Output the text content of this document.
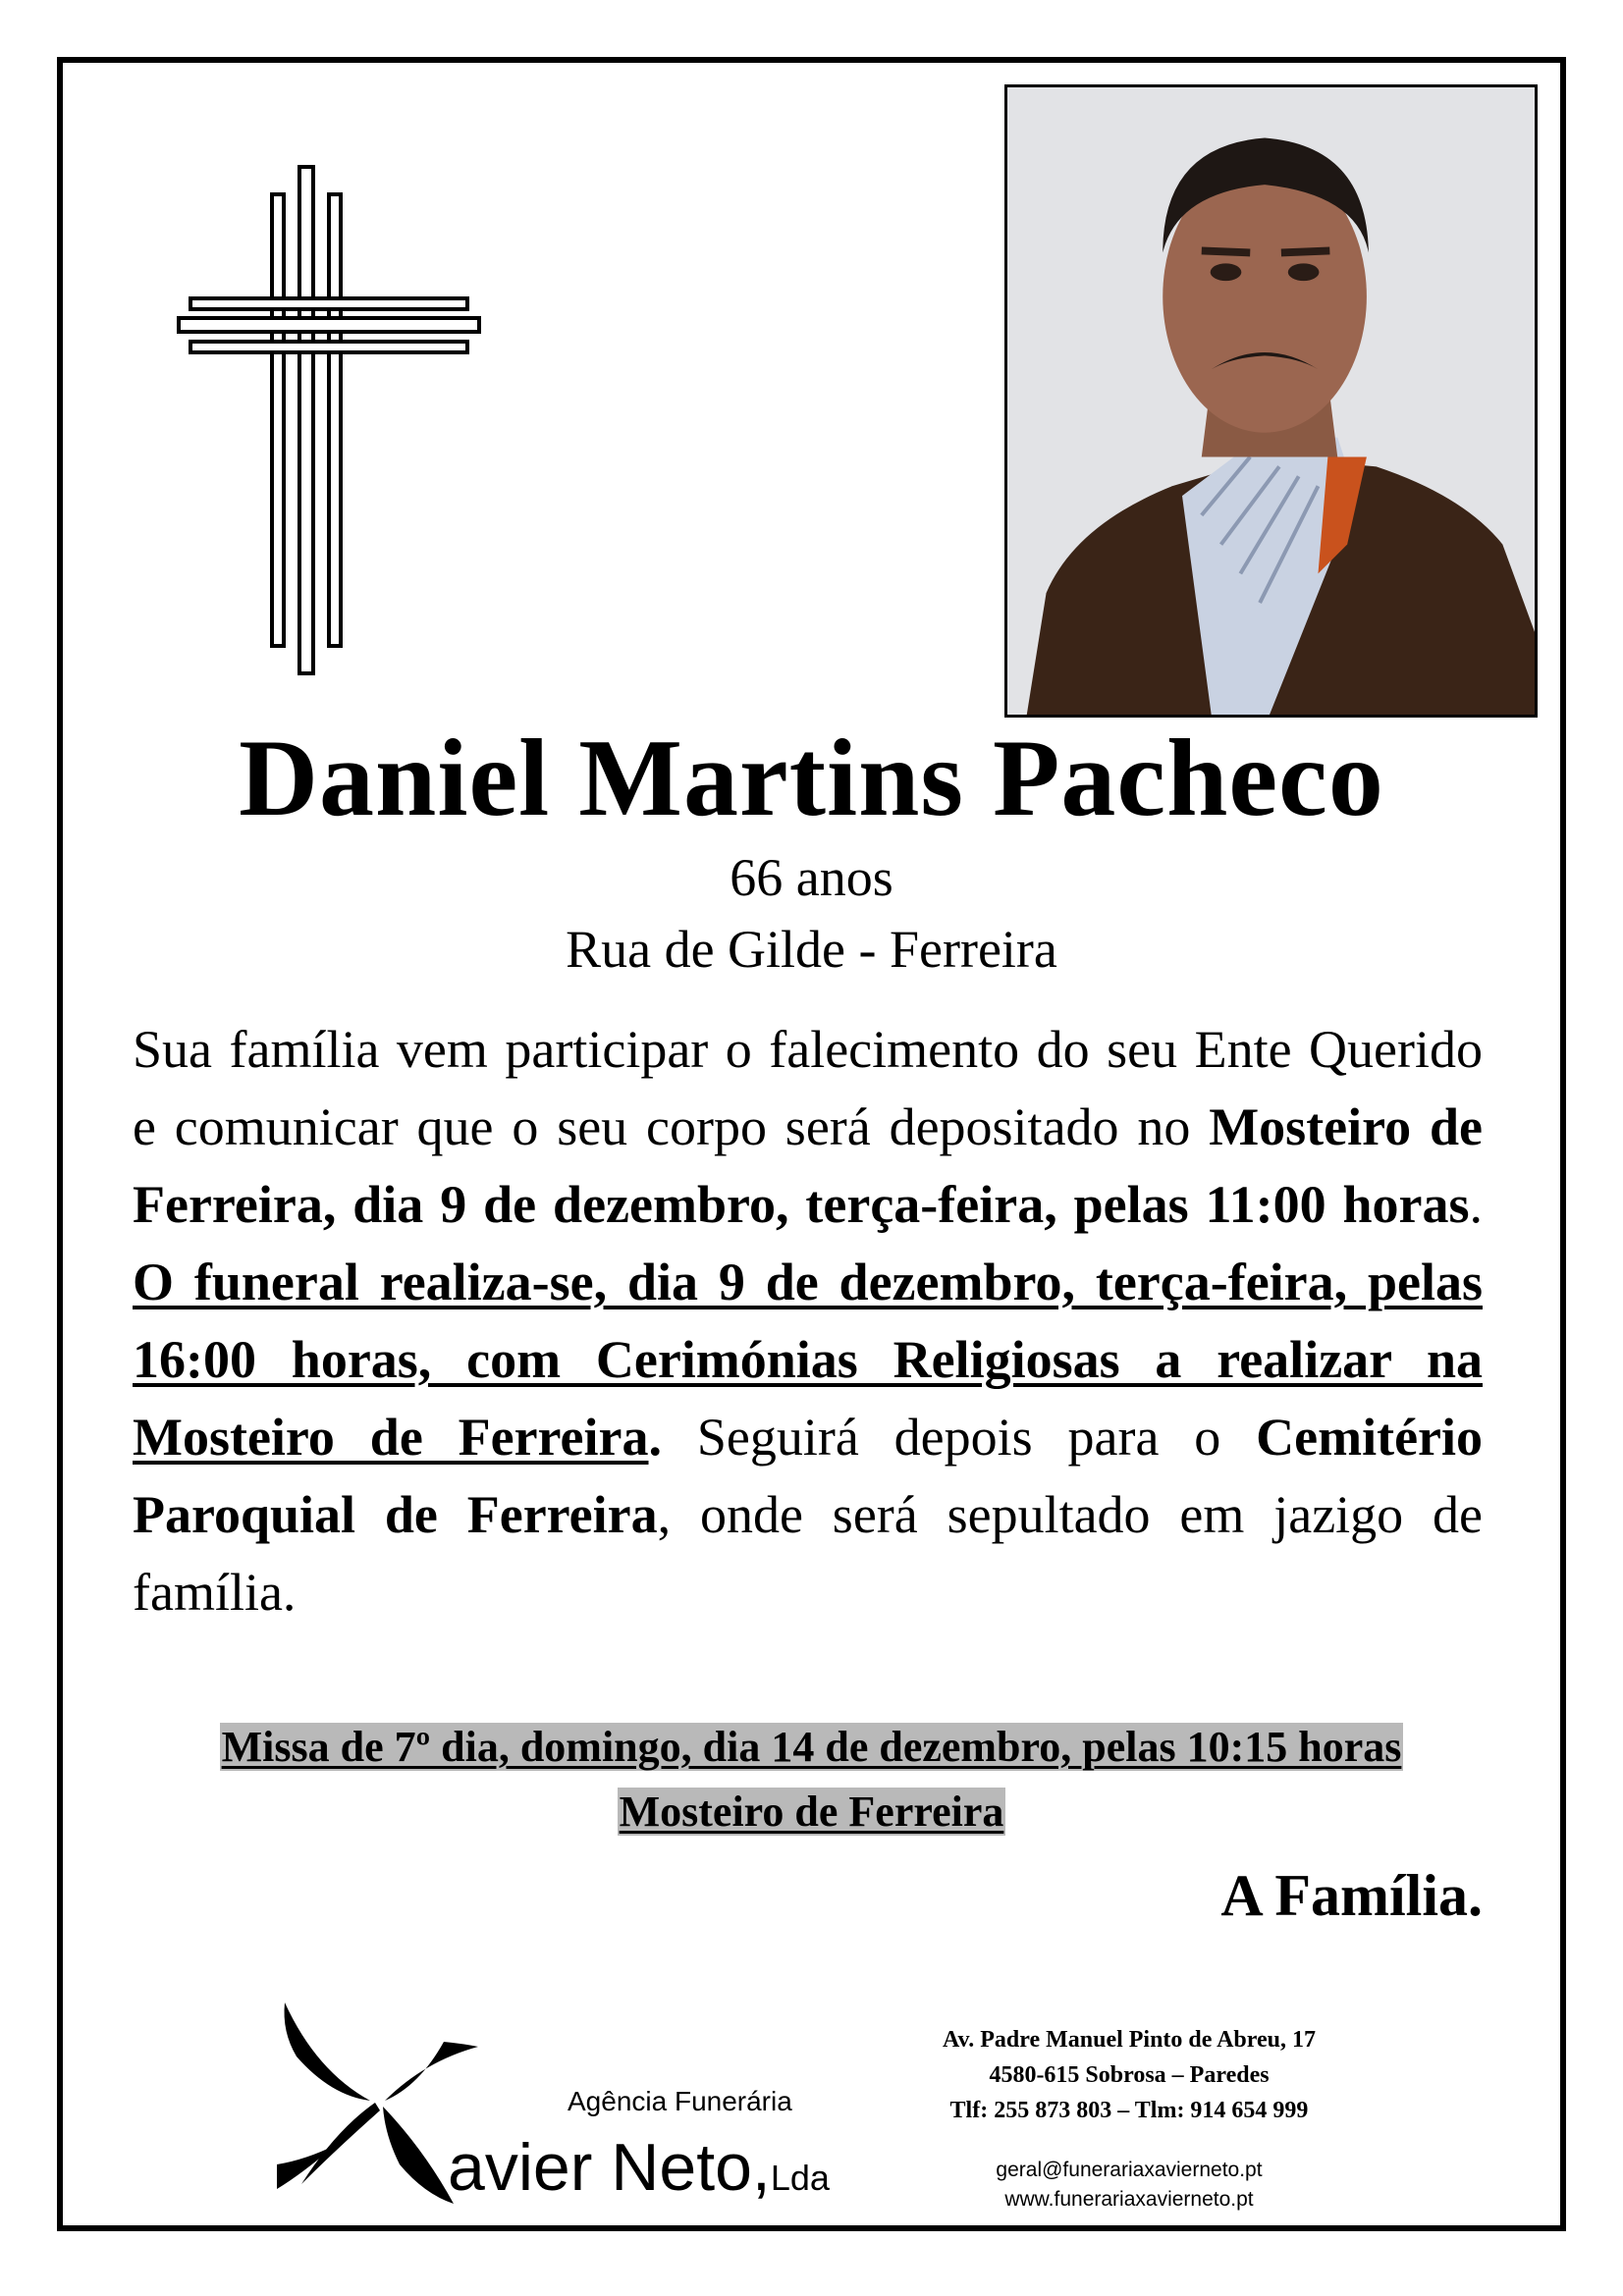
Daniel Martins Pacheco
66 anos
Rua de Gilde - Ferreira
Sua família vem participar o falecimento do seu Ente Querido e comunicar que o seu corpo será depositado no Mosteiro de Ferreira, dia 9 de dezembro, terça-feira, pelas 11:00 horas. O funeral realiza-se, dia 9 de dezembro, terça-feira, pelas 16:00 horas, com Cerimónias Religiosas a realizar na Mosteiro de Ferreira. Seguirá depois para o Cemitério Paroquial de Ferreira, onde será sepultado em jazigo de família.
Missa de 7º dia, domingo, dia 14 de dezembro, pelas 10:15 horas
Mosteiro de Ferreira
A Família.
Agência Funerária
avier Neto,Lda
Av. Padre Manuel Pinto de Abreu, 17
4580-615 Sobrosa – Paredes
Tlf: 255 873 803 – Tlm: 914 654 999
geral@funerariaxavierneto.pt
www.funerariaxavierneto.pt
